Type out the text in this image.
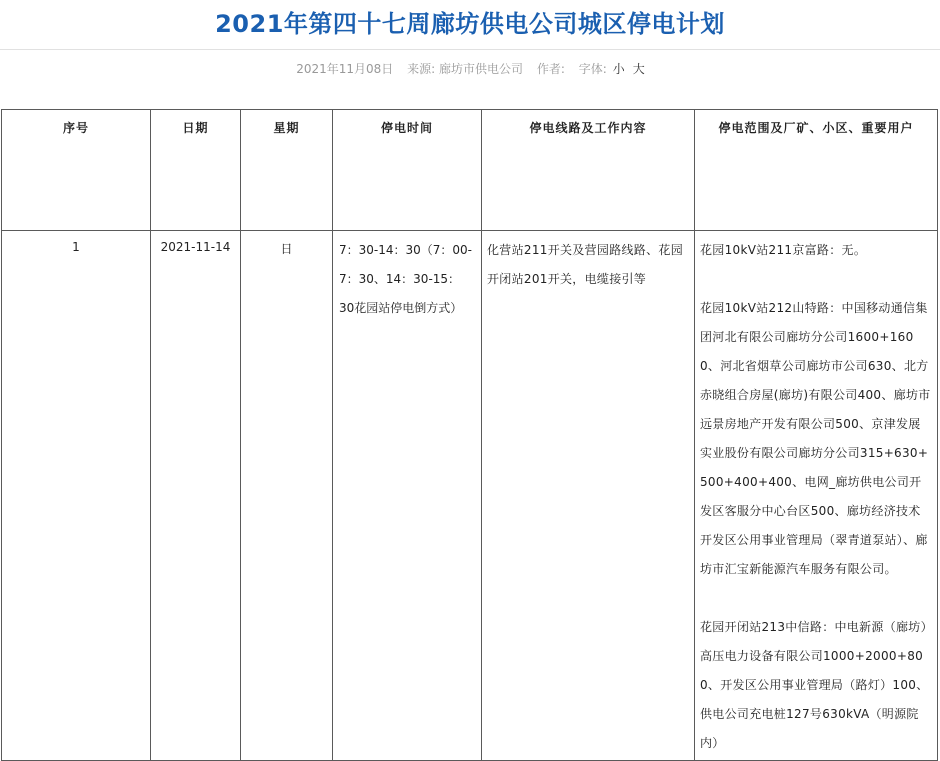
2021年第四十七周廊坊供电公司城区停电计划
2021年11月08日 来源: 廊坊市供电公司 作者: 字体: 小 大
序号	日期	星期	停电时间	停电线路及工作内容	停电范围及厂矿、小区、重要用户
1	2021-11-14	日	7：30-14：30（7：00-7：30、14：30-15：30花园站停电倒方式）	化营站211开关及营园路线路、花园开闭站201开关，电缆接引等	花园10kV站211京富路：无。

花园10kV站212山特路：中国移动通信集团河北有限公司廊坊分公司1600+1600、河北省烟草公司廊坊市公司630、北方赤晓组合房屋(廊坊)有限公司400、廊坊市远景房地产开发有限公司500、京津发展实业股份有限公司廊坊分公司315+630+500+400+400、电网_廊坊供电公司开发区客服分中心台区500、廊坊经济技术开发区公用事业管理局（翠青道泵站）、廊坊市汇宝新能源汽车服务有限公司。

花园开闭站213中信路：中电新源（廊坊）高压电力设备有限公司1000+2000+800、开发区公用事业管理局（路灯）100、供电公司充电桩127号630kVA（明源院内）
